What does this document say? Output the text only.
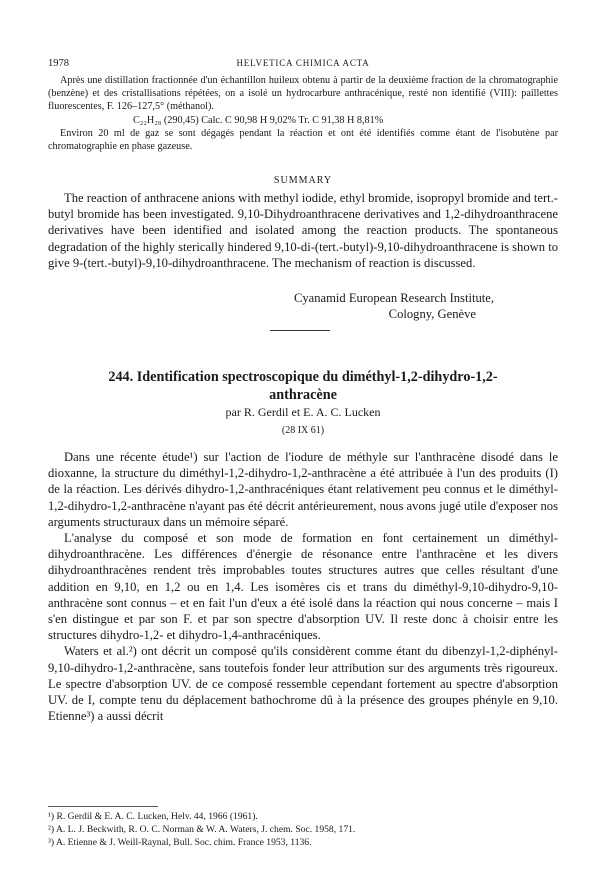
1978	HELVETICA CHIMICA ACTA

Après une distillation fractionnée d'un échantillon huileux obtenu à partir de la deuxième fraction de la chromatographie (benzène) et des cristallisations répétées, on a isolé un hydrocarbure anthracénique, resté non identifié (VIII): paillettes fluorescentes, F. 126–127,5° (méthanol).

C₂₂H₂₈ (290,45) Calc. C 90,98 H 9,02% Tr. C 91,38 H 8,81%

Environ 20 ml de gaz se sont dégagés pendant la réaction et ont été identifiés comme étant de l'isobutène par chromatographie en phase gazeuse.

SUMMARY

The reaction of anthracene anions with methyl iodide, ethyl bromide, isopropyl bromide and tert.-butyl bromide has been investigated. 9,10-Dihydroanthracene derivatives and 1,2-dihydroanthracene derivatives have been identified and isolated among the reaction products. The spontaneous degradation of the highly sterically hindered 9,10-di-(tert.-butyl)-9,10-dihydroanthracene is shown to give 9-(tert.-butyl)-9,10-dihydroanthracene. The mechanism of reaction is discussed.

Cyanamid European Research Institute,
Cologny, Genève
244. Identification spectroscopique du diméthyl-1,2-dihydro-1,2-
anthracène
par R. Gerdil et E. A. C. Lucken
(28 IX 61)

Dans une récente étude¹) sur l'action de l'iodure de méthyle sur l'anthracène disodé dans le dioxanne, la structure du diméthyl-1,2-dihydro-1,2-anthracène a été attribuée à l'un des produits (I) de la réaction. Les dérivés dihydro-1,2-anthracéniques étant relativement peu connus et le diméthyl-1,2-dihydro-1,2-anthracène n'ayant pas été décrit antérieurement, nous avons jugé utile d'exposer nos arguments structuraux dans un mémoire séparé.

L'analyse du composé et son mode de formation en font certainement un diméthyl-dihydroanthracène. Les différences d'énergie de résonance entre l'anthracène et les divers dihydroanthracènes rendent très improbables toutes structures autres que celles résultant d'une addition en 9,10, en 1,2 ou en 1,4. Les isomères cis et trans du diméthyl-9,10-dihydro-9,10-anthracène sont connus – et en fait l'un d'eux a été isolé dans la réaction qui nous concerne – mais I s'en distingue et par son F. et par son spectre d'absorption UV. Il reste donc à choisir entre les structures dihydro-1,2- et dihydro-1,4-anthracéniques.

Waters et al.²) ont décrit un composé qu'ils considèrent comme étant du dibenzyl-1,2-diphényl-9,10-dihydro-1,2-anthracène, sans toutefois fonder leur attribution sur des arguments très rigoureux. Le spectre d'absorption UV. de ce composé ressemble cependant fortement au spectre d'absorption UV. de I, compte tenu du déplacement bathochrome dû à la présence des groupes phényle en 9,10. Etienne³) a aussi décrit

¹) R. Gerdil & E. A. C. Lucken, Helv. 44, 1966 (1961).
²) A. L. J. Beckwith, R. O. C. Norman & W. A. Waters, J. chem. Soc. 1958, 171.
³) A. Etienne & J. Weill-Raynal, Bull. Soc. chim. France 1953, 1136.
